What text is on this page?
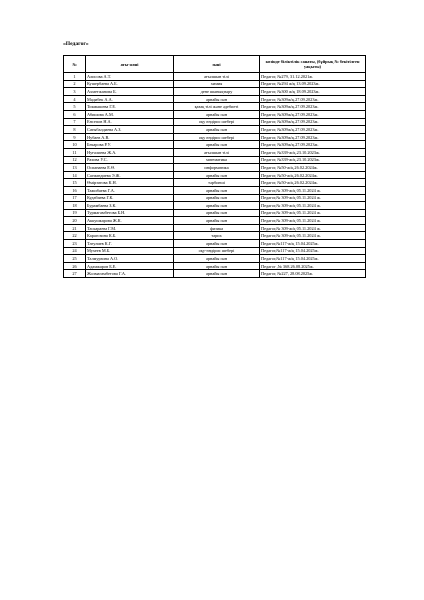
«Педагог»
№	аты-жөні	пәні	көзінде біліктілік санаты, (бұйрық № бекітілген уақыты)
1	Алисова А.Т.	ағылшын тілі	Педагог, №279, 31.12.2021ж.
2	Кушербаева А.Б.	химия	Педагог, №294 ж/қ 13.09.2023ж.
3	Ахметжанова Б.	дене шынықтыру	Педагог, №300 ж/қ 18.09.2023ж.
4	Мадибек А.А.	арнайы пән	Педагог, №309ж/қ.27.09.2023ж.
5	Токмышева Г.Е.	қазақ тілі және әдебиеті	Педагог, №309ж/қ.27.09.2023ж.
6	Абишова А.М.	арнайы пән	Педагог, №309ж/қ.27.09.2023ж.
7	Енсепов Н.А.	оқу өндірис шебері	Педагог, №309ж/қ.27.09.2023ж.
8	Сатыбалдиева А.З.	арнайы пән	Педагог, №309ж/қ.27.09.2023ж.
9	Нубаев А.В.	оқу өндірис шебері	Педагог, №309ж/қ.27.09.2023ж.
10	Бекарова Р.У.	арнайы пән	Педагог, №309ж/қ.27.09.2023ж.
11	Нуғалиева Ж.А.	ағылшын тілі	Педагог, №339-ж/қ.23.10.2023ж.
12	Рахова У.С.	математика	Педагог, №339-ж/қ.23.10.2023ж.
13	Оспанаева Е.Ө.	информатика	Педагог, №50-ж/қ.26.02.2024ж.
14	Сагмандиева Э.Ж.	арнайы пән	Педагог, №50-ж/қ.26.02.2024ж.
15	Өмірзатова К.Н.	тәрбиеші	Педагог, №50-ж/қ.26.02.2024ж.
16	Тажибаева Г.А.	арнайы пән	Педагог,№ 309-ж/қ 05.11.2024 ж.
17	Кудабаева Г.К.	арнайы пән	Педагог,№ 309-ж/қ 05.11.2024 ж.
18	Бурамбаева З.К.	арнайы пән	Педагог,№ 309-ж/қ 05.11.2024 ж.
19	Турмагамбетова Б.Н.	арнайы пән	Педагог,№ 309-ж/қ 05.11.2024 ж.
20	Аккушкарова Ж.К.	арнайы пән	Педагог,№ 309-ж/қ 05.11.2024 ж.
21	Таскараева Г.М.	физика	Педагог,№ 309-ж/қ 05.11.2024 ж.
22	Карагозина К.Б.	тарих	Педагог,№ 309-ж/қ 05.11.2024 ж.
23	Тлеулиев К.Г.	арнайы пән	Педагог,№117-ж/қ 15.04.2025ж.
24	Мухеев М.Б.	оқу-өндірис шебері	Педагог,№117-ж/қ 15.04.2025ж.
25	Талмурзина А.О.	арнайы пән	Педагог,№117-ж/қ 15.04.2025ж.
26	Адамжаров Б.Е.	арнайы пән	Педагог ,№ 368.26.08.2025ж.
27	Жолмагамбетова Г.А.	арнайы пән	Педагог, №227, 28.08.2025ж.
